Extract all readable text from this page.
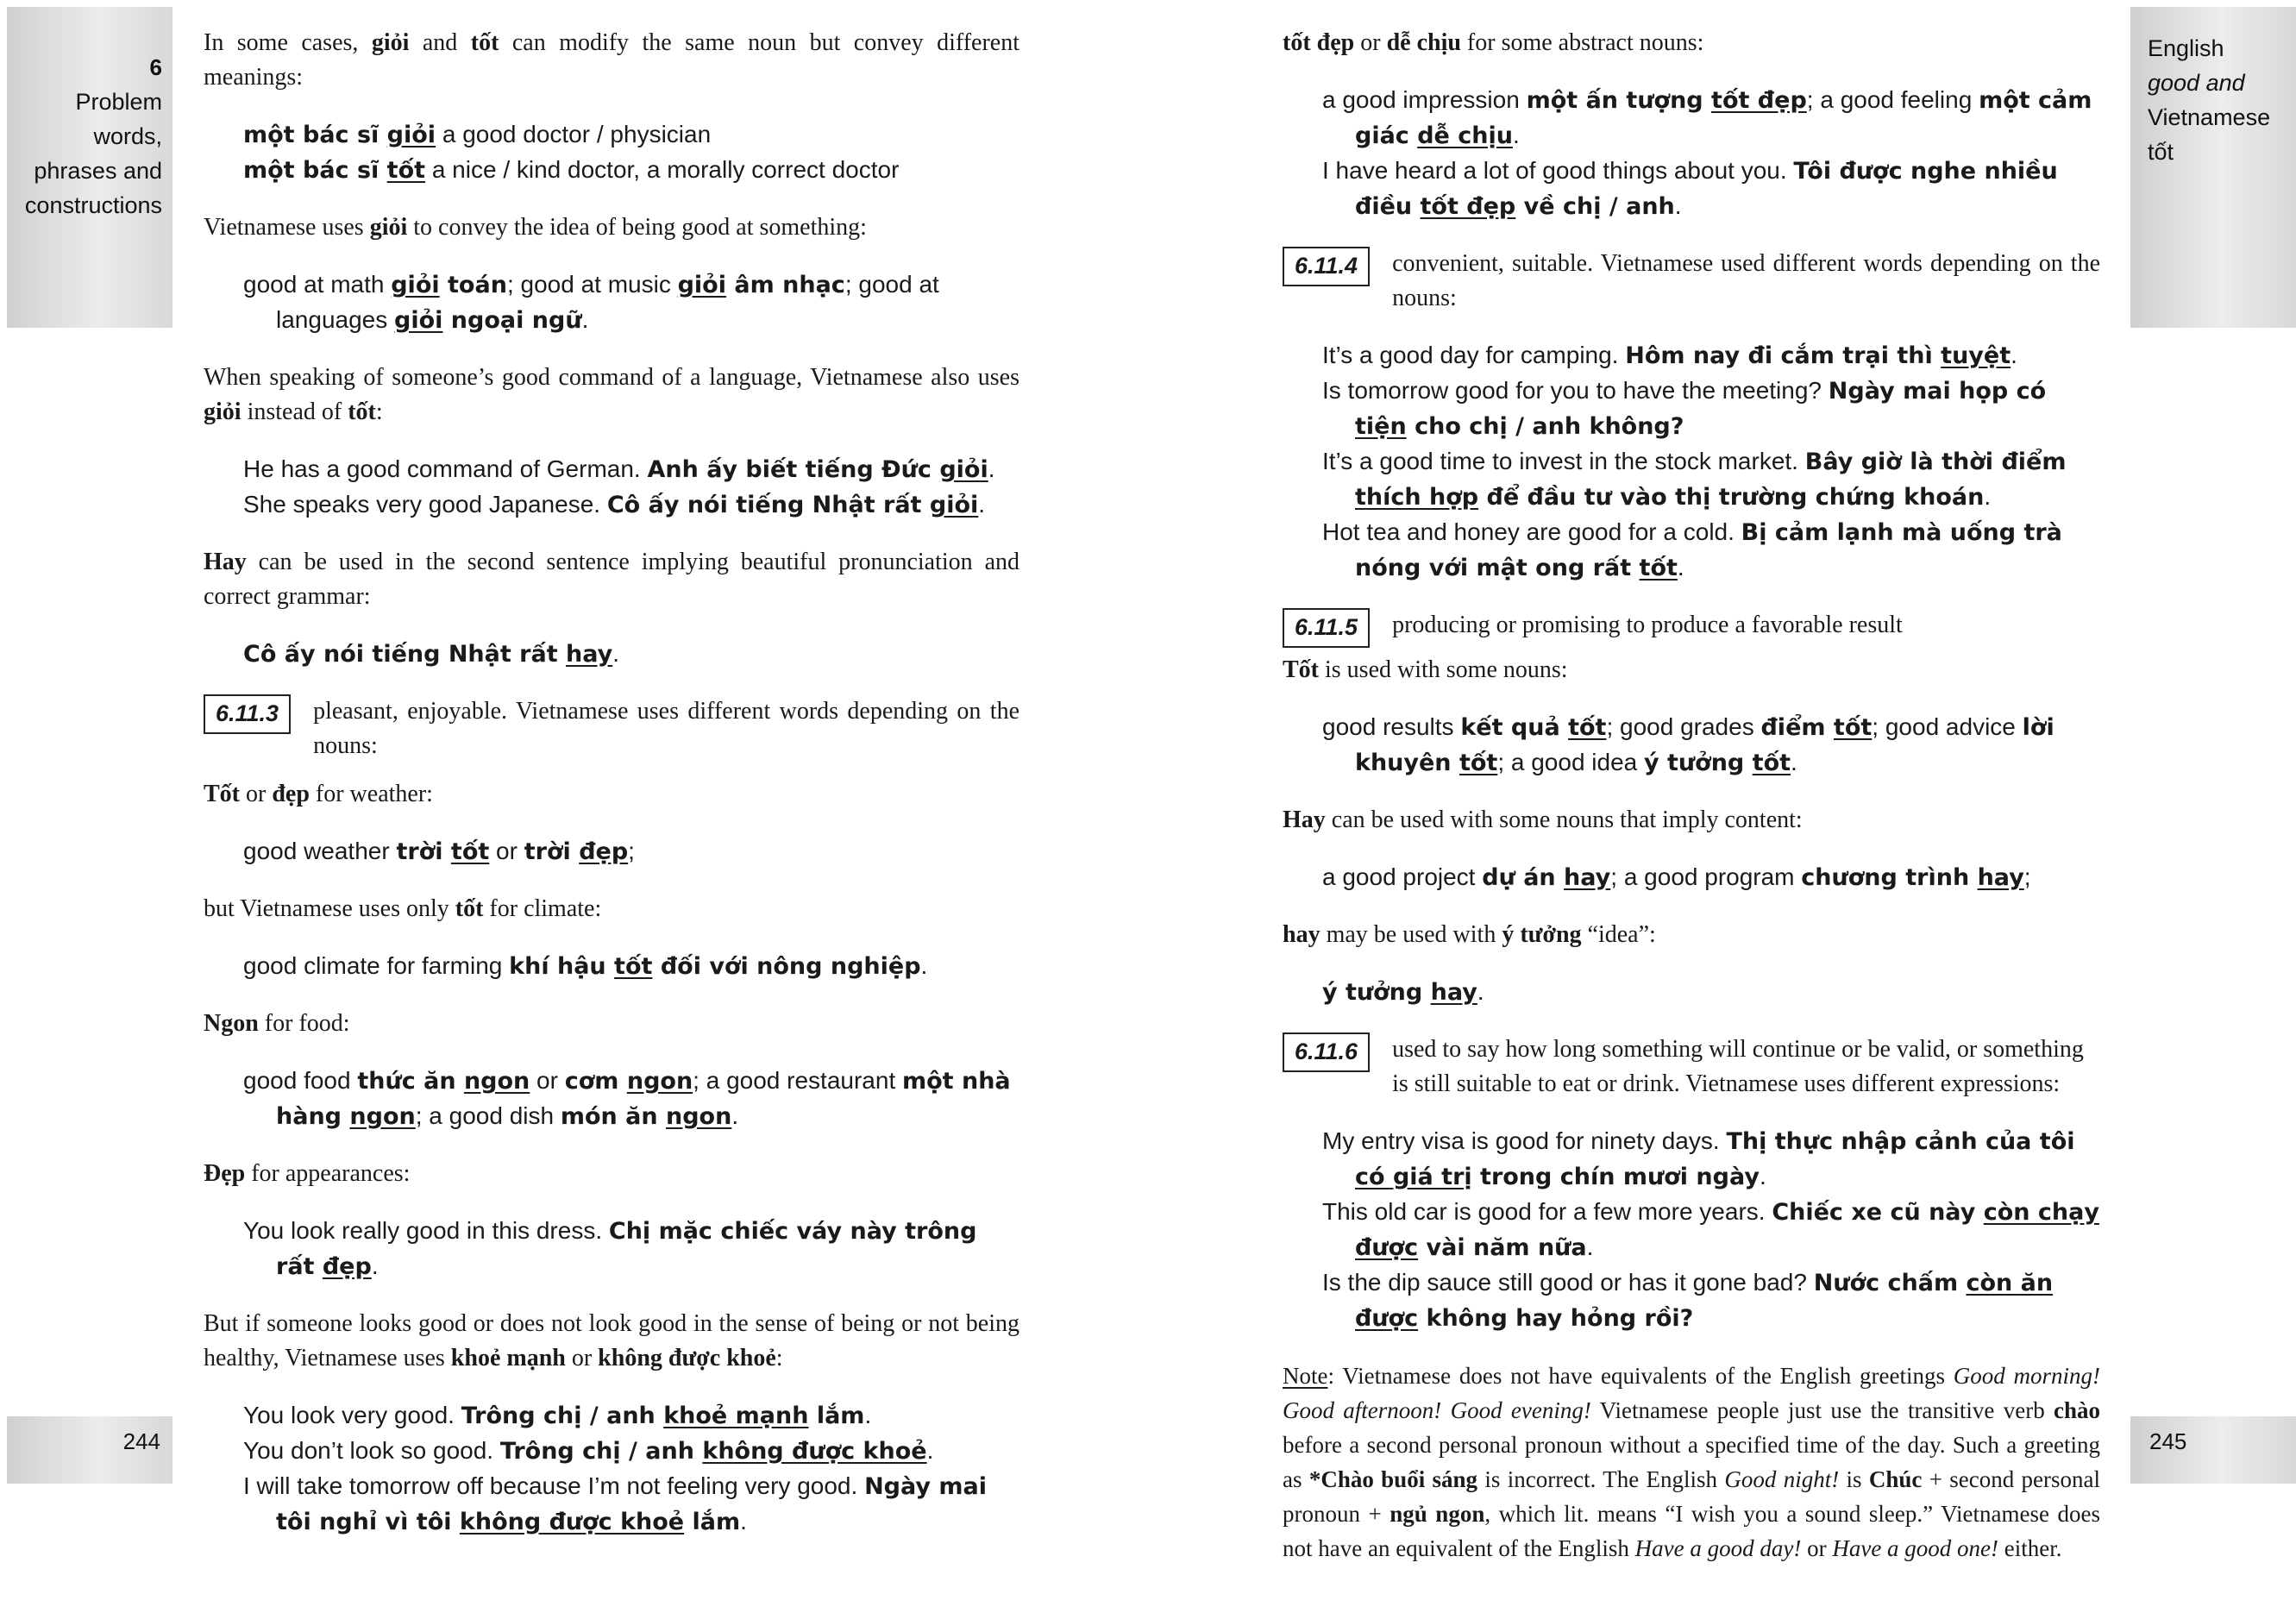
6
Problem
words,
phrases and
constructions
244

In some cases, giỏi and tốt can modify the same noun but convey different meanings:

một bác sĩ giỏi a good doctor / physician
một bác sĩ tốt a nice / kind doctor, a morally correct doctor

Vietnamese uses giỏi to convey the idea of being good at something:

good at math giỏi toán; good at music giỏi âm nhạc; good at languages giỏi ngoại ngữ.

When speaking of someone’s good command of a language, Vietnamese also uses giỏi instead of tốt:

He has a good command of German. Anh ấy biết tiếng Đức giỏi.
She speaks very good Japanese. Cô ấy nói tiếng Nhật rất giỏi.

Hay can be used in the second sentence implying beautiful pronunciation and correct grammar:

Cô ấy nói tiếng Nhật rất hay.
6.11.3	pleasant, enjoyable. Vietnamese uses different words depending on the nouns:

Tốt or đẹp for weather:

good weather trời tốt or trời đẹp;

but Vietnamese uses only tốt for climate:

good climate for farming khí hậu tốt đối với nông nghiệp.

Ngon for food:

good food thức ăn ngon or cơm ngon; a good restaurant một nhà hàng ngon; a good dish món ăn ngon.

Đẹp for appearances:

You look really good in this dress. Chị mặc chiếc váy này trông rất đẹp.

But if someone looks good or does not look good in the sense of being or not being healthy, Vietnamese uses khoẻ mạnh or không được khoẻ:

You look very good. Trông chị / anh khoẻ mạnh lắm.
You don’t look so good. Trông chị / anh không được khoẻ.
I will take tomorrow off because I’m not feeling very good. Ngày mai tôi nghỉ vì tôi không được khoẻ lắm.
English
good and
Vietnamese
tốt
245

tốt đẹp or dễ chịu for some abstract nouns:

a good impression một ấn tượng tốt đẹp; a good feeling một cảm giác dễ chịu.
I have heard a lot of good things about you. Tôi được nghe nhiều điều tốt đẹp về chị / anh.
6.11.4	convenient, suitable. Vietnamese used different words depending on the nouns:
It’s a good day for camping. Hôm nay đi cắm trại thì tuyệt.
Is tomorrow good for you to have the meeting? Ngày mai họp có tiện cho chị / anh không?
It’s a good time to invest in the stock market. Bây giờ là thời điểm thích hợp để đầu tư vào thị trường chứng khoán.
Hot tea and honey are good for a cold. Bị cảm lạnh mà uống trà nóng với mật ong rất tốt.
6.11.5	producing or promising to produce a favorable result

Tốt is used with some nouns:

good results kết quả tốt; good grades điểm tốt; good advice lời khuyên tốt; a good idea ý tưởng tốt.

Hay can be used with some nouns that imply content:

a good project dự án hay; a good program chương trình hay;

hay may be used with ý tưởng “idea”:

ý tưởng hay.
6.11.6	used to say how long something will continue or be valid, or something is still suitable to eat or drink. Vietnamese uses different expressions:
My entry visa is good for ninety days. Thị thực nhập cảnh của tôi có giá trị trong chín mươi ngày.
This old car is good for a few more years. Chiếc xe cũ này còn chạy được vài năm nữa.
Is the dip sauce still good or has it gone bad? Nước chấm còn ăn được không hay hỏng rồi?

Note: Vietnamese does not have equivalents of the English greetings Good morning! Good afternoon! Good evening! Vietnamese people just use the transitive verb chào before a second personal pronoun without a specified time of the day. Such a greeting as *Chào buổi sáng is incorrect. The English Good night! is Chúc + second personal pronoun + ngủ ngon, which lit. means “I wish you a sound sleep.” Vietnamese does not have an equivalent of the English Have a good day! or Have a good one! either.
